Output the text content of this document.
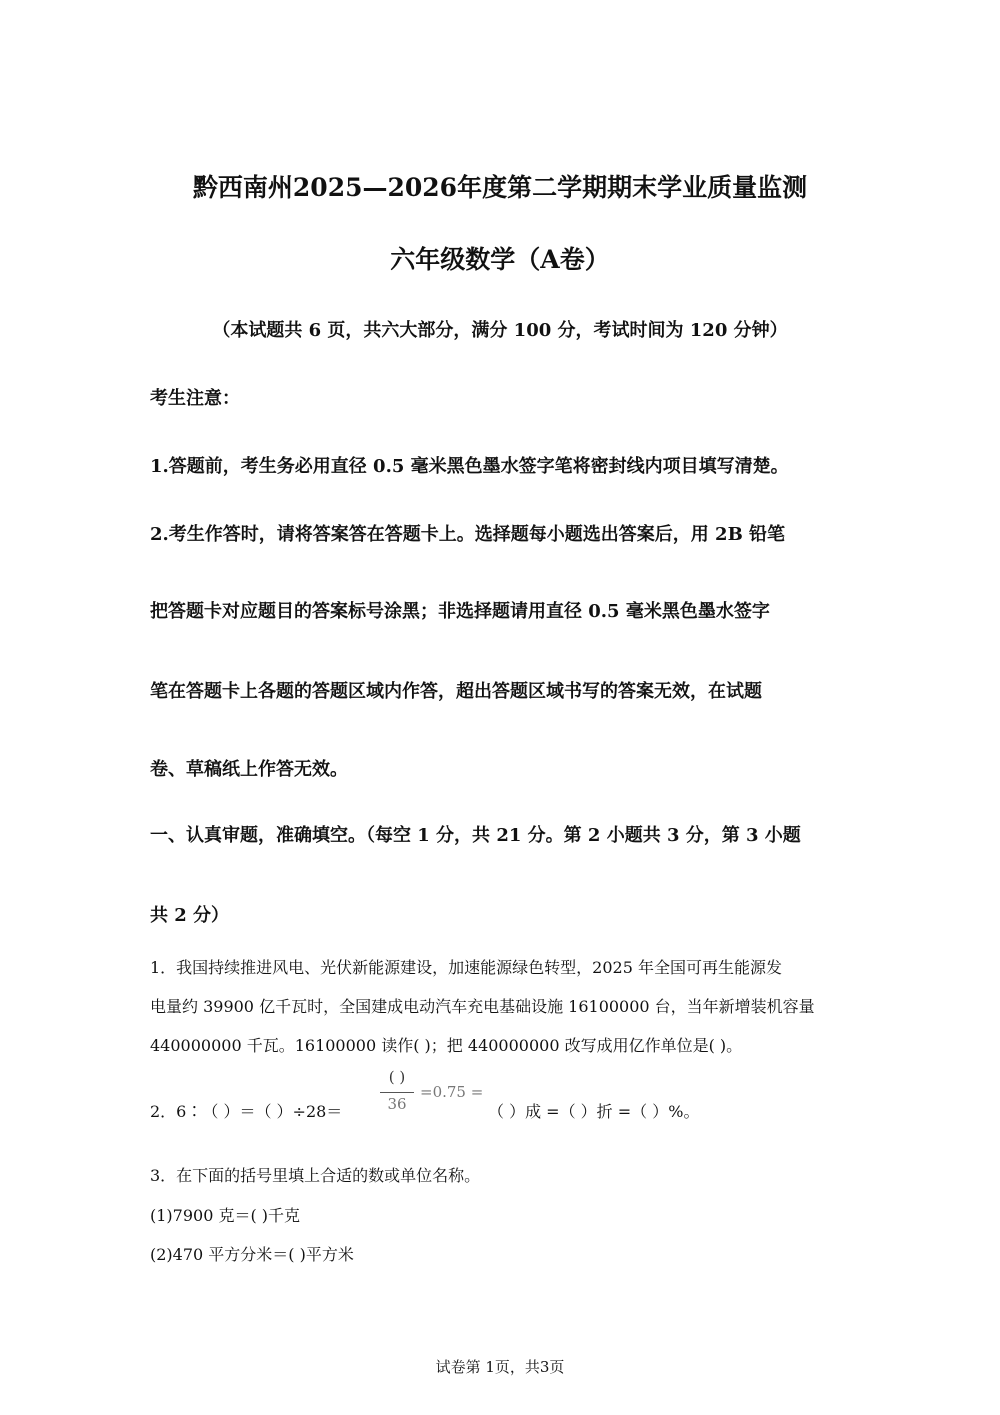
黔西南州2025—2026年度第二学期期末学业质量监测
六年级数学（A卷）
（本试题共 6 页，共六大部分，满分 100 分，考试时间为 120 分钟）
考生注意：
1.答题前，考生务必用直径 0.5 毫米黑色墨水签字笔将密封线内项目填写清楚。
2.考生作答时，请将答案答在答题卡上。选择题每小题选出答案后，用 2B 铅笔
把答题卡对应题目的答案标号涂黑；非选择题请用直径 0.5 毫米黑色墨水签字
笔在答题卡上各题的答题区域内作答，超出答题区域书写的答案无效，在试题
卷、草稿纸上作答无效。
一、认真审题，准确填空。（每空 1 分，共 21 分。第 2 小题共 3 分，第 3 小题
共 2 分）
1．我国持续推进风电、光伏新能源建设，加速能源绿色转型，2025 年全国可再生能源发
电量约 39900 亿千瓦时，全国建成电动汽车充电基础设施 16100000 台，当年新增装机容量
440000000 千瓦。16100000 读作( )；把 440000000 改写成用亿作单位是( )。
2．6∶（ ）＝（ ）÷28＝
( )
36
=0.75 =
（ ）成 =（ ）折 =（ ）%。
3．在下面的括号里填上合适的数或单位名称。
(1)7900 克＝( )千克
(2)470 平方分米＝( )平方米
试卷第 1页，共3页
